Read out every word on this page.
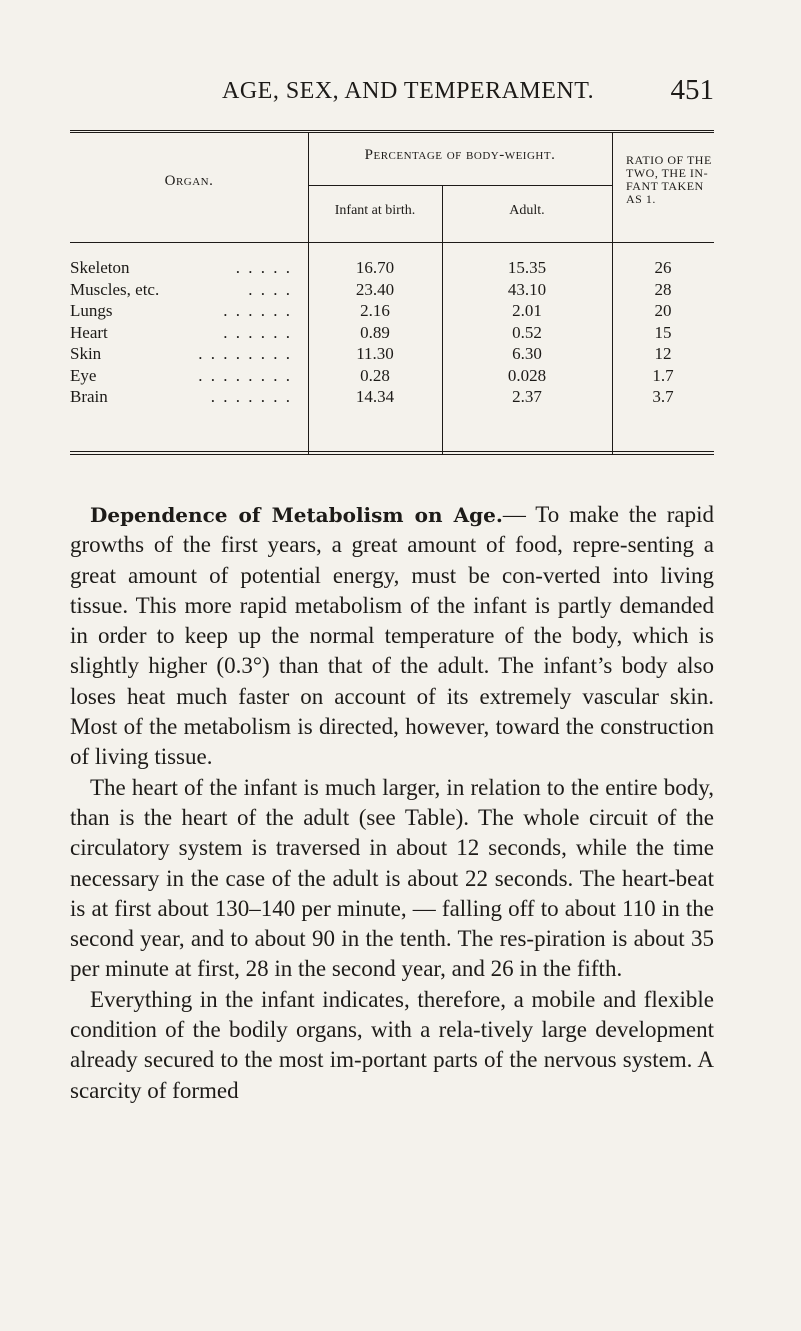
AGE, SEX, AND TEMPERAMENT.	451
Organ.
Percentage of body-weight.
Infant at birth.	Adult.
RATIO OF THE
TWO, THE IN-
FANT TAKEN
AS 1.
Skeleton	. . . . .	16.70	15.35	26
Muscles, etc.	. . . .	23.40	43.10	28
Lungs	. . . . . .	2.16	2.01	20
Heart	. . . . . .	0.89	0.52	15
Skin	. . . . . . . .	11.30	6.30	12
Eye	. . . . . . . .	0.28	0.028	1.7
Brain	. . . . . . .	14.34	2.37	3.7

Dependence of Metabolism on Age.— To make the rapid growths of the first years, a great amount of food, repre-senting a great amount of potential energy, must be con-verted into living tissue. This more rapid metabolism of the infant is partly demanded in order to keep up the normal temperature of the body, which is slightly higher (0.3°) than that of the adult. The infant’s body also loses heat much faster on account of its extremely vascular skin. Most of the metabolism is directed, however, toward the construction of living tissue.

The heart of the infant is much larger, in relation to the entire body, than is the heart of the adult (see Table). The whole circuit of the circulatory system is traversed in about 12 seconds, while the time necessary in the case of the adult is about 22 seconds. The heart-beat is at first about 130–140 per minute, — falling off to about 110 in the second year, and to about 90 in the tenth. The res-piration is about 35 per minute at first, 28 in the second year, and 26 in the fifth.

Everything in the infant indicates, therefore, a mobile and flexible condition of the bodily organs, with a rela-tively large development already secured to the most im-portant parts of the nervous system. A scarcity of formed
